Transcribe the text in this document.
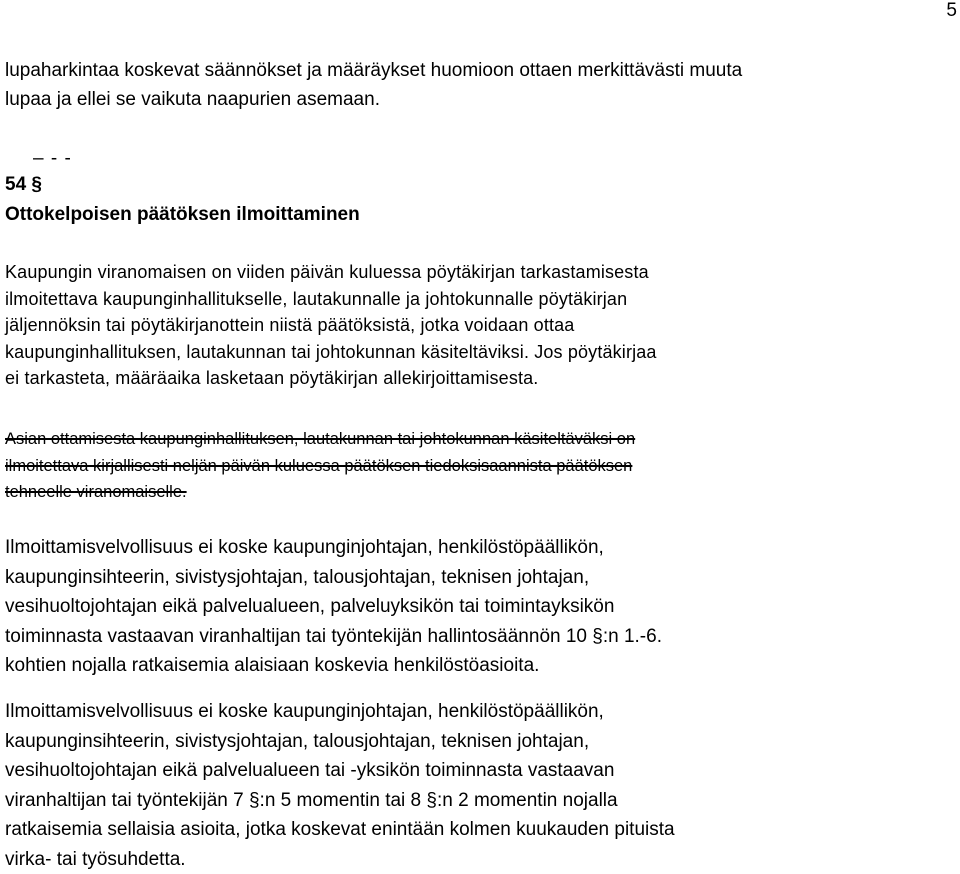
5
lupaharkintaa koskevat säännökset ja määräykset huomioon ottaen merkittävästi muuta
lupaa ja ellei se vaikuta naapurien asemaan.
– - -
54 §
Ottokelpoisen päätöksen ilmoittaminen
Kaupungin viranomaisen on viiden päivän kuluessa pöytäkirjan tarkastamisesta
ilmoitettava kaupunginhallitukselle, lautakunnalle ja johtokunnalle pöytäkirjan
jäljennöksin tai pöytäkirjanottein niistä päätöksistä, jotka voidaan ottaa
kaupunginhallituksen, lautakunnan tai johtokunnan käsiteltäviksi. Jos pöytäkirjaa
ei tarkasteta, määräaika lasketaan pöytäkirjan allekirjoittamisesta.
Asian ottamisesta kaupunginhallituksen, lautakunnan tai johtokunnan käsiteltäväksi on
ilmoitettava kirjallisesti neljän päivän kuluessa päätöksen tiedoksisaannista päätöksen
tehneelle viranomaiselle.
Ilmoittamisvelvollisuus ei koske kaupunginjohtajan, henkilöstöpäällikön,
kaupunginsihteerin, sivistysjohtajan, talousjohtajan, teknisen johtajan,
vesihuoltojohtajan eikä palvelualueen, palveluyksikön tai toimintayksikön
toiminnasta vastaavan viranhaltijan tai työntekijän hallintosäännön 10 §:n 1.-6.
kohtien nojalla ratkaisemia alaisiaan koskevia henkilöstöasioita.
Ilmoittamisvelvollisuus ei koske kaupunginjohtajan, henkilöstöpäällikön,
kaupunginsihteerin, sivistysjohtajan, talousjohtajan, teknisen johtajan,
vesihuoltojohtajan eikä palvelualueen tai -yksikön toiminnasta vastaavan
viranhaltijan tai työntekijän 7 §:n 5 momentin tai 8 §:n 2 momentin nojalla
ratkaisemia sellaisia asioita, jotka koskevat enintään kolmen kuukauden pituista
virka- tai työsuhdetta.
